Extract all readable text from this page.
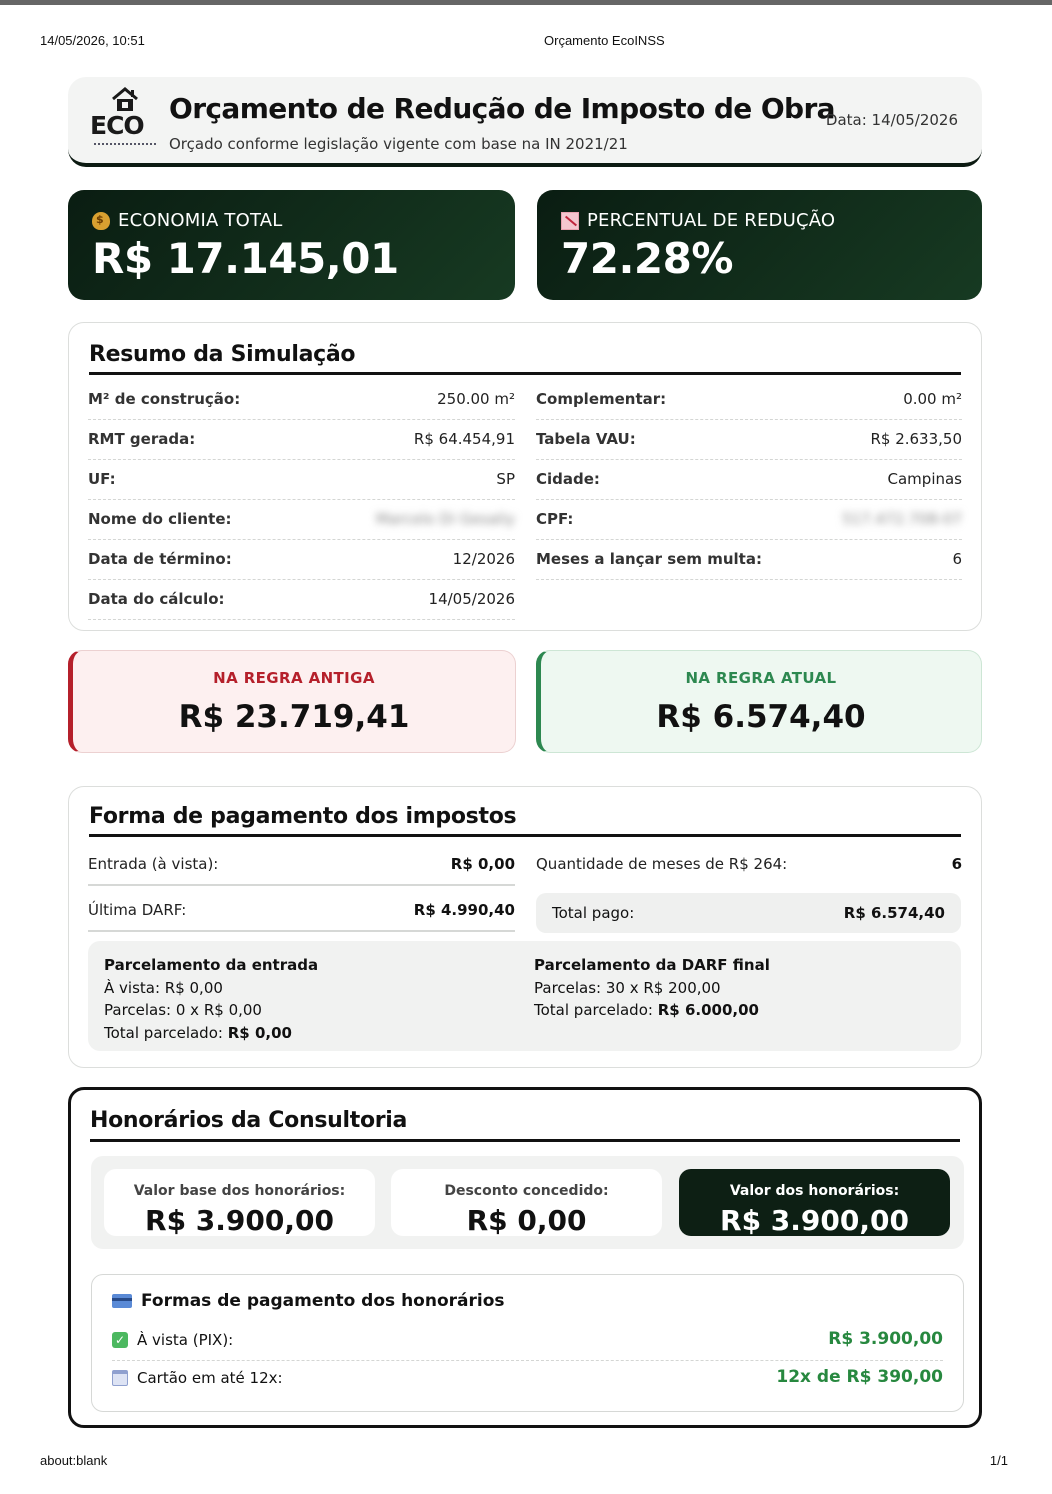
14/05/2026, 10:51	Orçamento EcoINSS
ECO
Orçamento de Redução de Imposto de Obra
Orçado conforme legislação vigente com base na IN 2021/21
Data: 14/05/2026
$
ECONOMIA TOTAL
R$ 17.145,01
PERCENTUAL DE REDUÇÃO
72.28%
Resumo da Simulação
M² de construção:	250.00 m²
RMT gerada:	R$ 64.454,91
UF:	SP
Nome do cliente:	Marcelo Di Gesaliy
Data de término:	12/2026
Data do cálculo:	14/05/2026
Complementar:	0.00 m²
Tabela VAU:	R$ 2.633,50
Cidade:	Campinas
CPF:	517.472.708-07
Meses a lançar sem multa:	6
NA REGRA ANTIGA
R$ 23.719,41
NA REGRA ATUAL
R$ 6.574,40
Forma de pagamento dos impostos
Entrada (à vista):	R$ 0,00
Última DARF:	R$ 4.990,40
Quantidade de meses de R$ 264:	6
Total pago:	R$ 6.574,40
Parcelamento da entrada
À vista: R$ 0,00
Parcelas: 0 x R$ 0,00
Total parcelado: R$ 0,00
Parcelamento da DARF final
Parcelas: 30 x R$ 200,00
Total parcelado: R$ 6.000,00
Honorários da Consultoria
Valor base dos honorários:
R$ 3.900,00
Desconto concedido:
R$ 0,00
Valor dos honorários:
R$ 3.900,00
Formas de pagamento dos honorários
✓ À vista (PIX):	R$ 3.900,00
Cartão em até 12x:	12x de R$ 390,00
about:blank	1/1
